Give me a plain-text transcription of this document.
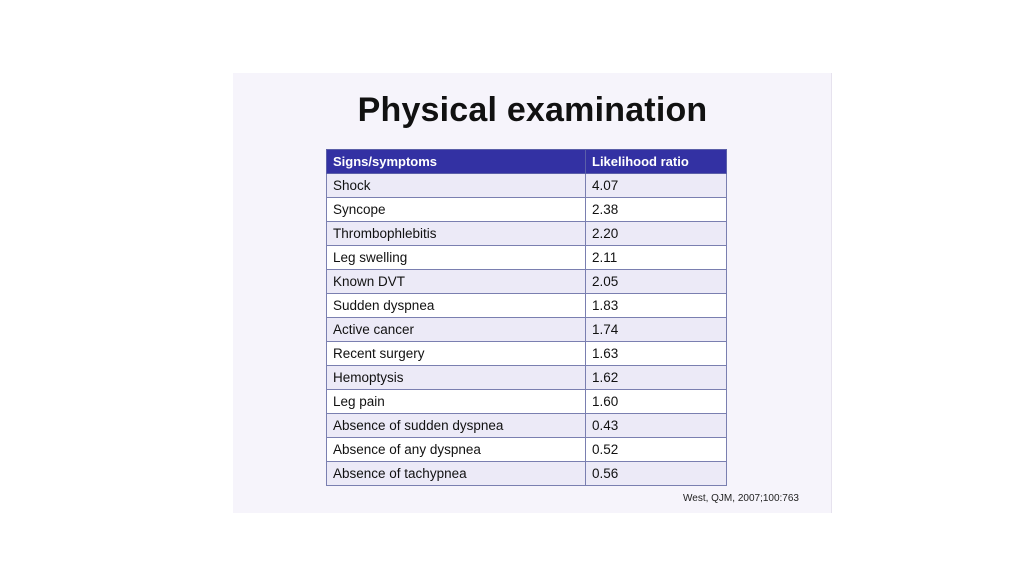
Physical examination
Signs/symptoms	Likelihood ratio
Shock	4.07
Syncope	2.38
Thrombophlebitis	2.20
Leg swelling	2.11
Known DVT	2.05
Sudden dyspnea	1.83
Active cancer	1.74
Recent surgery	1.63
Hemoptysis	1.62
Leg pain	1.60
Absence of sudden dyspnea	0.43
Absence of any dyspnea	0.52
Absence of tachypnea	0.56
West, QJM, 2007;100:763
